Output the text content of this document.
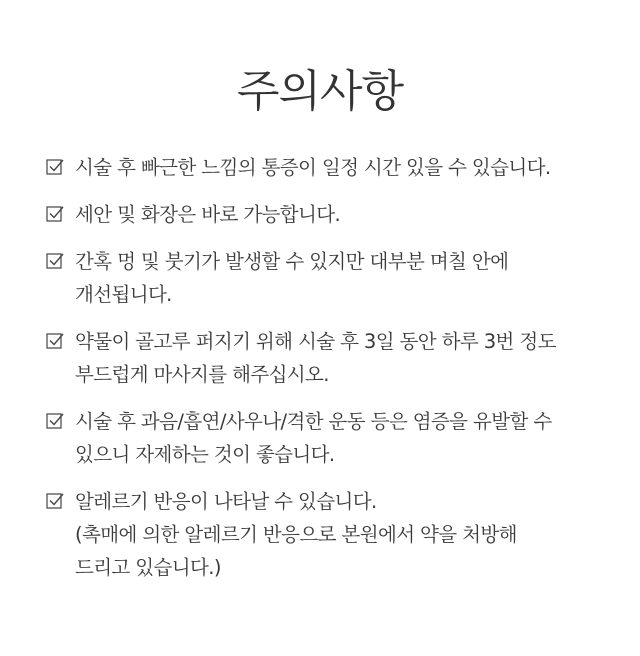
주의사항
시술 후 빠근한 느낌의 통증이 일정 시간 있을 수 있습니다.
세안 및 화장은 바로 가능합니다.
간혹 멍 및 붓기가 발생할 수 있지만 대부분 며칠 안에
개선됩니다.
약물이 골고루 퍼지기 위해 시술 후 3일 동안 하루 3번 정도
부드럽게 마사지를 해주십시오.
시술 후 과음/흡연/사우나/격한 운동 등은 염증을 유발할 수
있으니 자제하는 것이 좋습니다.
알레르기 반응이 나타날 수 있습니다.
(촉매에 의한 알레르기 반응으로 본원에서 약을 처방해
드리고 있습니다.)
